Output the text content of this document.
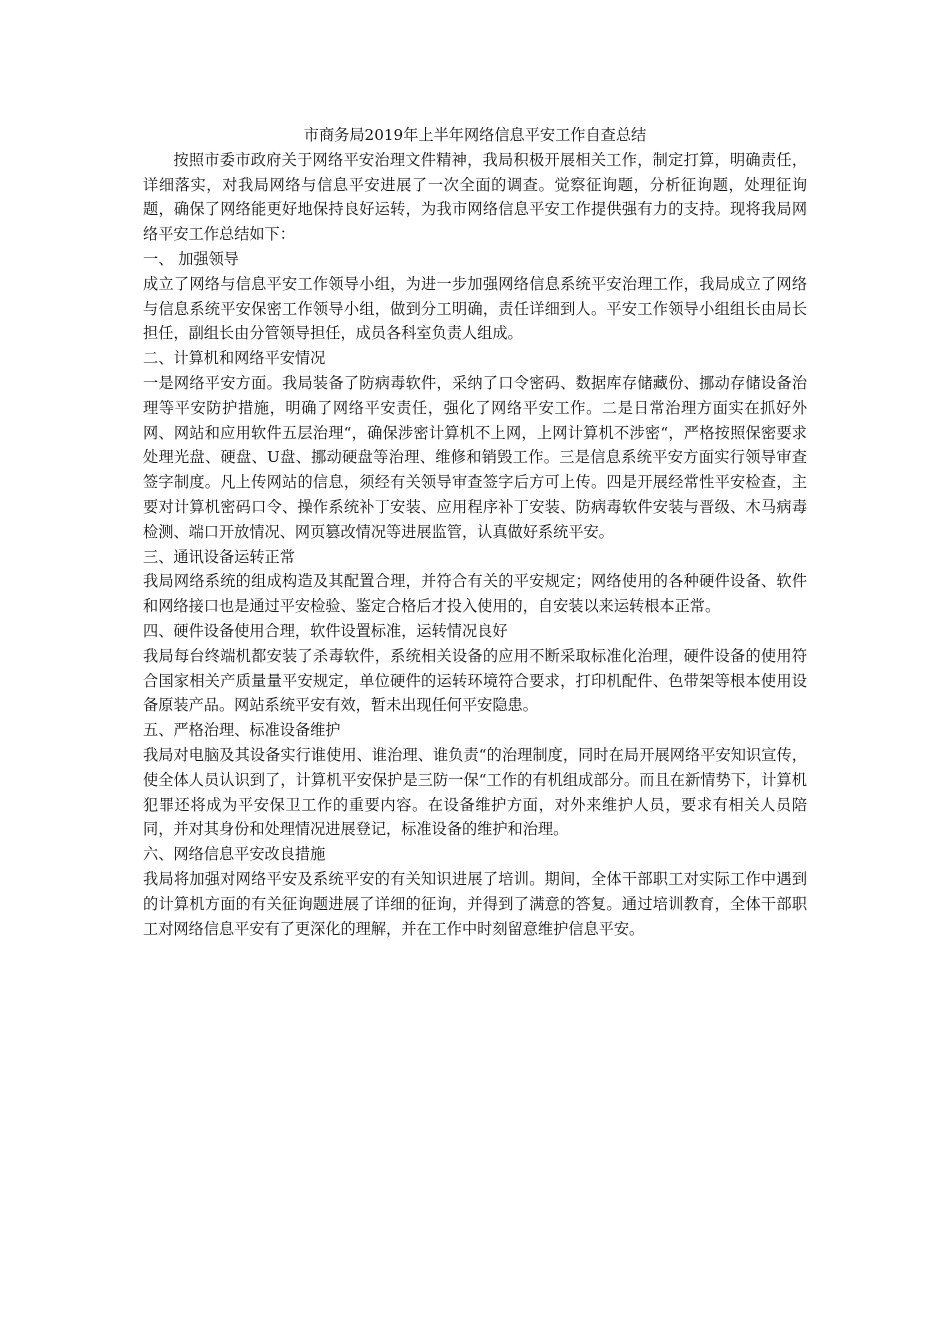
市商务局2019年上半年网络信息平安工作自查总结

按照市委市政府关于网络平安治理文件精神，我局积极开展相关工作，制定打算，明确责任，详细落实，对我局网络与信息平安进展了一次全面的调查。觉察征询题，分析征询题，处理征询题，确保了网络能更好地保持良好运转，为我市网络信息平安工作提供强有力的支持。现将我局网络平安工作总结如下：

一、 加强领导

成立了网络与信息平安工作领导小组，为进一步加强网络信息系统平安治理工作，我局成立了网络与信息系统平安保密工作领导小组，做到分工明确，责任详细到人。平安工作领导小组组长由局长担任，副组长由分管领导担任，成员各科室负责人组成。

二、计算机和网络平安情况

一是网络平安方面。我局装备了防病毒软件，采纳了口令密码、数据库存储藏份、挪动存储设备治理等平安防护措施，明确了网络平安责任，强化了网络平安工作。二是日常治理方面实在抓好外网、网站和应用软件五层治理“，确保涉密计算机不上网，上网计算机不涉密“，严格按照保密要求处理光盘、硬盘、U盘、挪动硬盘等治理、维修和销毁工作。三是信息系统平安方面实行领导审查签字制度。凡上传网站的信息，须经有关领导审查签字后方可上传。四是开展经常性平安检查，主要对计算机密码口令、操作系统补丁安装、应用程序补丁安装、防病毒软件安装与晋级、木马病毒检测、端口开放情况、网页篡改情况等进展监管，认真做好系统平安。

三、通讯设备运转正常

我局网络系统的组成构造及其配置合理，并符合有关的平安规定；网络使用的各种硬件设备、软件和网络接口也是通过平安检验、鉴定合格后才投入使用的，自安装以来运转根本正常。

四、硬件设备使用合理，软件设置标准，运转情况良好

我局每台终端机都安装了杀毒软件，系统相关设备的应用不断采取标准化治理，硬件设备的使用符合国家相关产质量量平安规定，单位硬件的运转环境符合要求，打印机配件、色带架等根本使用设备原装产品。网站系统平安有效，暂未出现任何平安隐患。

五、严格治理、标准设备维护

我局对电脑及其设备实行谁使用、谁治理、谁负责“的治理制度，同时在局开展网络平安知识宣传，使全体人员认识到了，计算机平安保护是三防一保“工作的有机组成部分。而且在新情势下，计算机犯罪还将成为平安保卫工作的重要内容。在设备维护方面，对外来维护人员，要求有相关人员陪同，并对其身份和处理情况进展登记，标准设备的维护和治理。

六、网络信息平安改良措施

我局将加强对网络平安及系统平安的有关知识进展了培训。期间，全体干部职工对实际工作中遇到的计算机方面的有关征询题进展了详细的征询，并得到了满意的答复。通过培训教育，全体干部职工对网络信息平安有了更深化的理解，并在工作中时刻留意维护信息平安。
